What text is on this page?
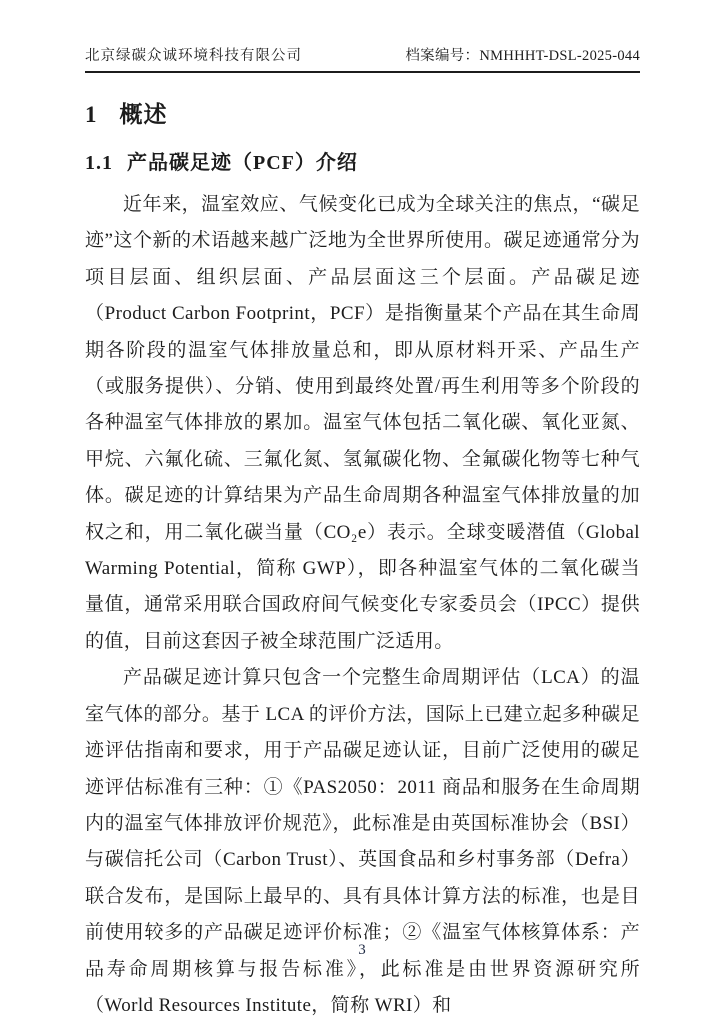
北京绿碳众诚环境科技有限公司	档案编号：NMHHHT-DSL-2025-044
1 概述
1.1 产品碳足迹（PCF）介绍

近年来，温室效应、气候变化已成为全球关注的焦点，“碳足迹”这个新的术语越来越广泛地为全世界所使用。碳足迹通常分为项目层面、组织层面、产品层面这三个层面。产品碳足迹（Product Carbon Footprint，PCF）是指衡量某个产品在其生命周期各阶段的温室气体排放量总和，即从原材料开采、产品生产（或服务提供）、分销、使用到最终处置/再生利用等多个阶段的各种温室气体排放的累加。温室气体包括二氧化碳、氧化亚氮、甲烷、六氟化硫、三氟化氮、氢氟碳化物、全氟碳化物等七种气体。碳足迹的计算结果为产品生命周期各种温室气体排放量的加权之和，用二氧化碳当量（CO₂e）表示。全球变暖潜值（Global Warming Potential，简称 GWP），即各种温室气体的二氧化碳当量值，通常采用联合国政府间气候变化专家委员会（IPCC）提供的值，目前这套因子被全球范围广泛适用。

产品碳足迹计算只包含一个完整生命周期评估（LCA）的温室气体的部分。基于 LCA 的评价方法，国际上已建立起多种碳足迹评估指南和要求，用于产品碳足迹认证，目前广泛使用的碳足迹评估标准有三种：①《PAS2050：2011 商品和服务在生命周期内的温室气体排放评价规范》，此标准是由英国标准协会（BSI）与碳信托公司（Carbon Trust）、英国食品和乡村事务部（Defra）联合发布，是国际上最早的、具有具体计算方法的标准，也是目前使用较多的产品碳足迹评价标准；②《温室气体核算体系：产品寿命周期核算与报告标准》，此标准是由世界资源研究所（World Resources Institute，简称 WRI）和

3
